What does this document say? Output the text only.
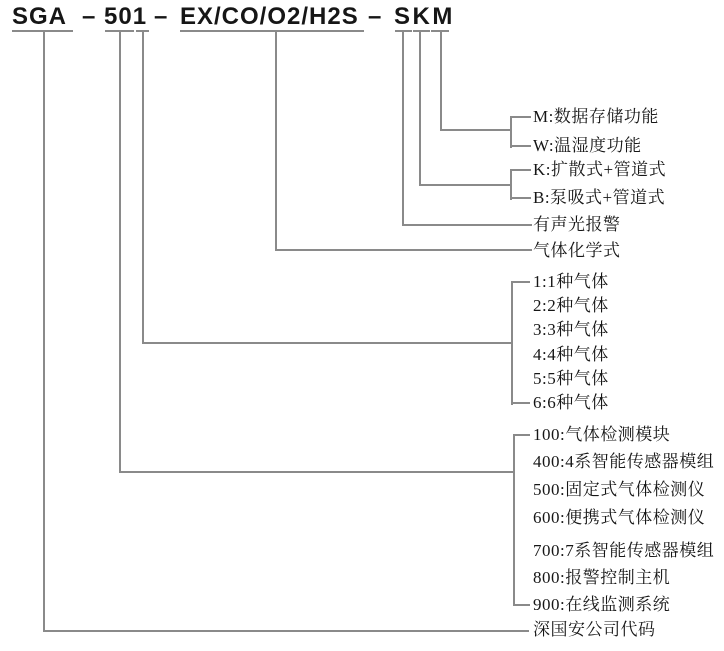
SGA – 501 – EX/CO/O2/H2S – SKM
M:数据存储功能
W:温湿度功能
K:扩散式+管道式
B:泵吸式+管道式
有声光报警
气体化学式
1:1种气体
2:2种气体
3:3种气体
4:4种气体
5:5种气体
6:6种气体
100:气体检测模块
400:4系智能传感器模组
500:固定式气体检测仪
600:便携式气体检测仪
700:7系智能传感器模组
800:报警控制主机
900:在线监测系统
深国安公司代码
